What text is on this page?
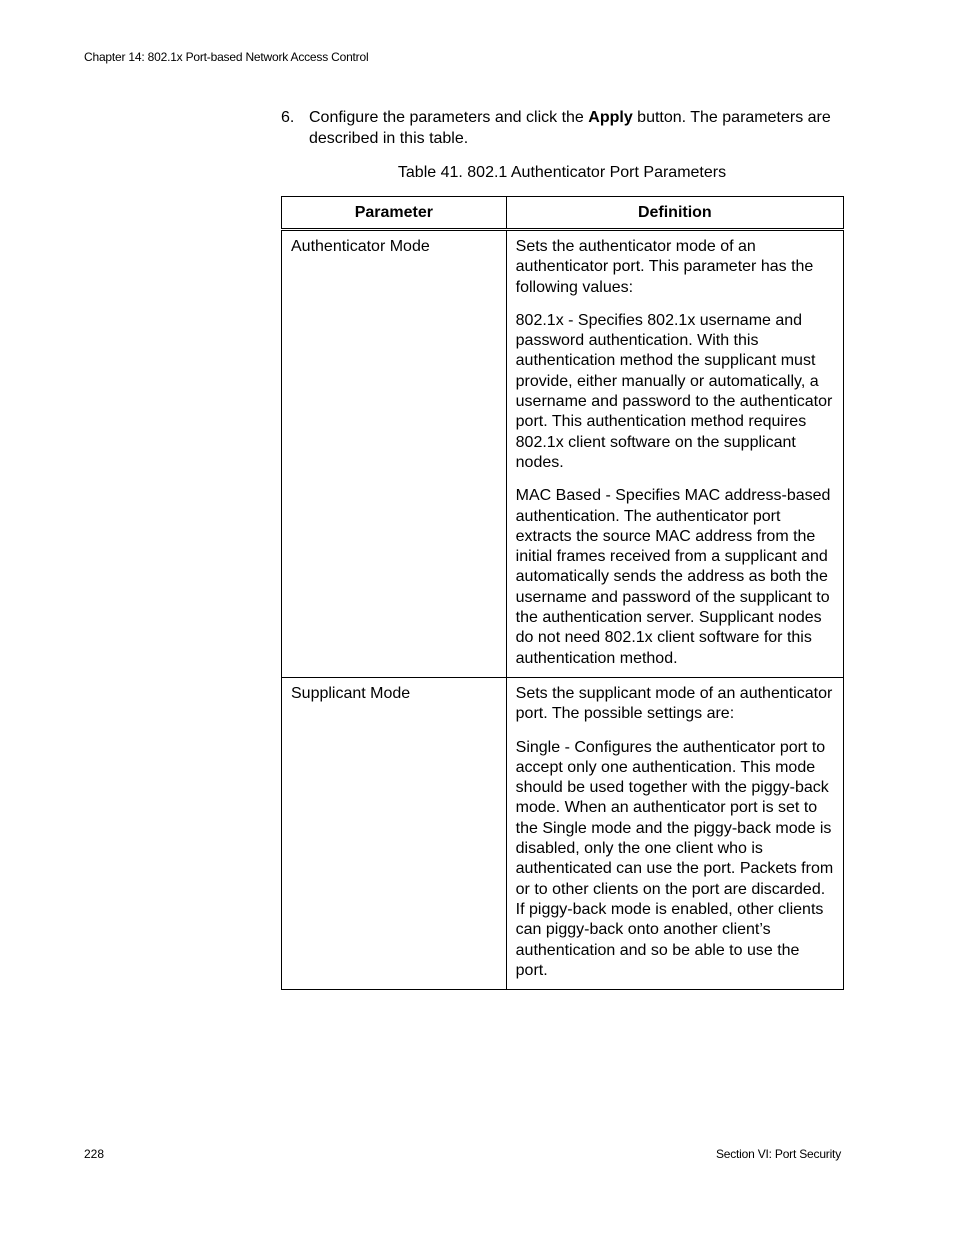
Chapter 14: 802.1x Port-based Network Access Control
6. Configure the parameters and click the Apply button. The parameters are described in this table.
Table 41. 802.1 Authenticator Port Parameters
Parameter	Definition
Authenticator Mode	Sets the authenticator mode of an authenticator port. This parameter has the following values:

802.1x - Specifies 802.1x username and password authentication. With this authentication method the supplicant must provide, either manually or automatically, a username and password to the authenticator port. This authentication method requires 802.1x client software on the supplicant nodes.

MAC Based - Specifies MAC address-based authentication. The authenticator port extracts the source MAC address from the initial frames received from a supplicant and automatically sends the address as both the username and password of the supplicant to the authentication server. Supplicant nodes do not need 802.1x client software for this authentication method.

Supplicant Mode	Sets the supplicant mode of an authenticator port. The possible settings are:

Single - Configures the authenticator port to accept only one authentication. This mode should be used together with the piggy-back mode. When an authenticator port is set to the Single mode and the piggy-back mode is disabled, only the one client who is authenticated can use the port. Packets from or to other clients on the port are discarded. If piggy-back mode is enabled, other clients can piggy-back onto another client’s authentication and so be able to use the port.

228	Section VI: Port Security
